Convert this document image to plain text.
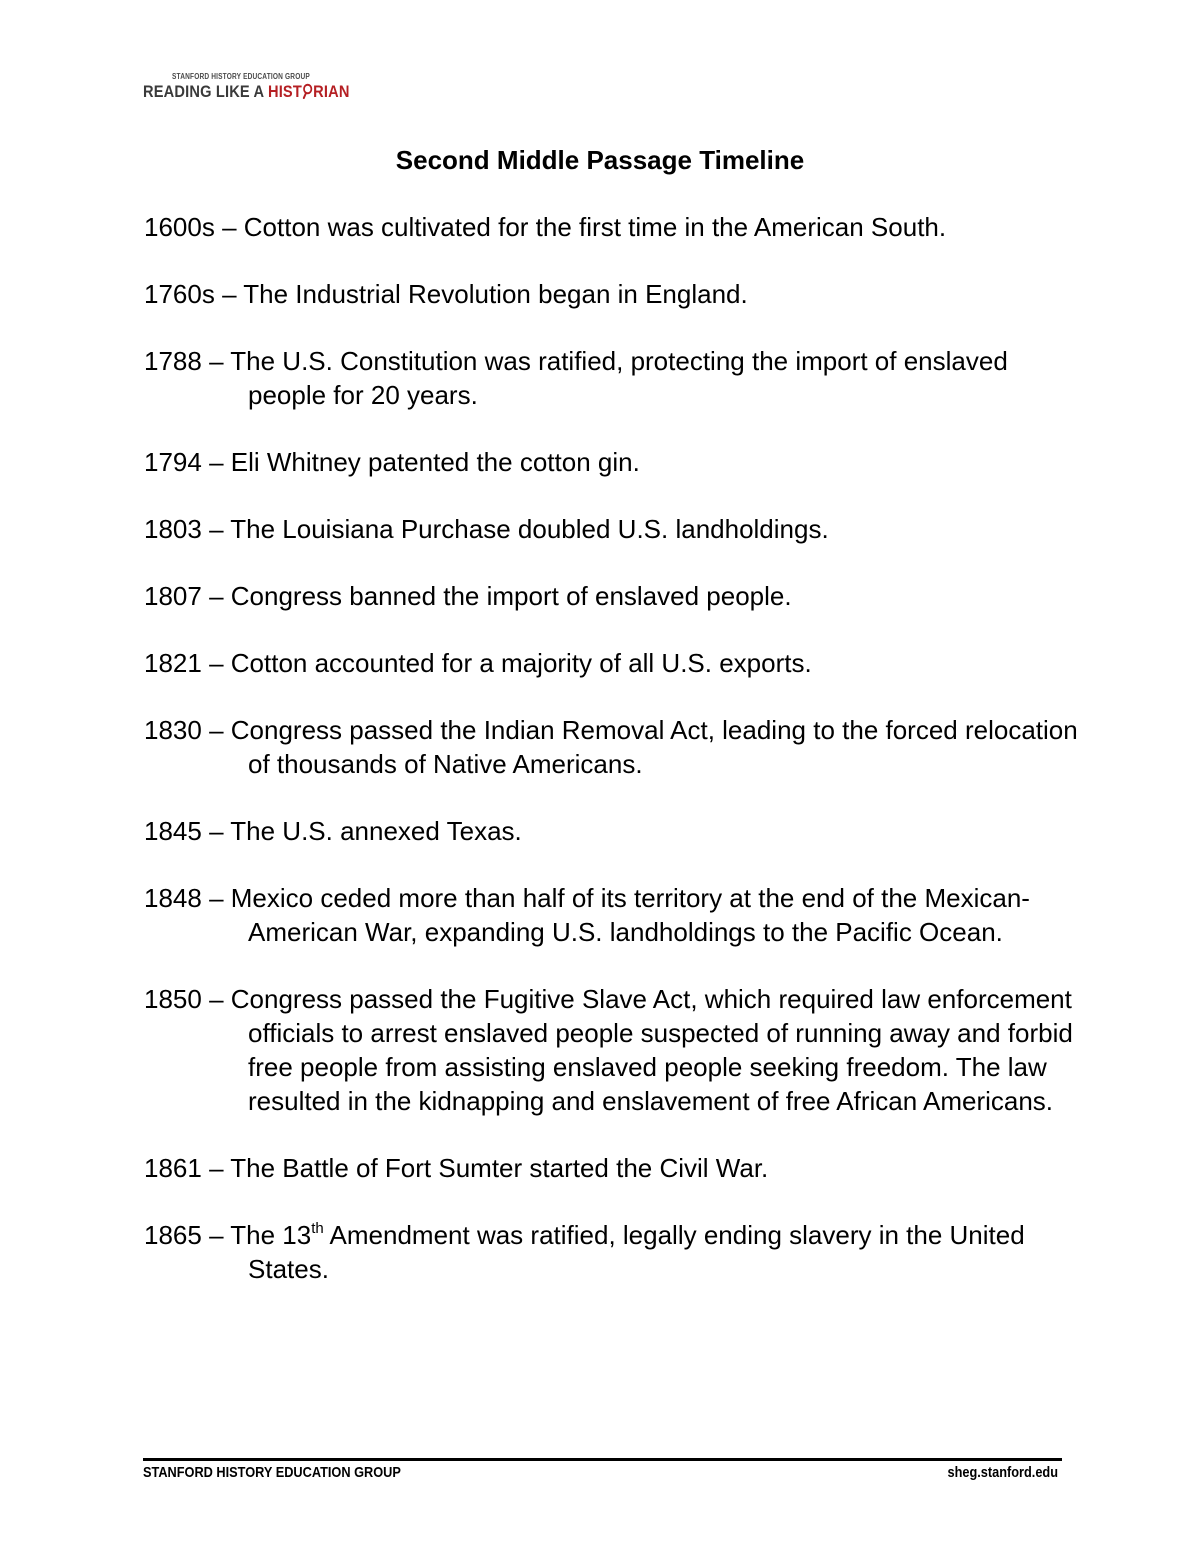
STANFORD HISTORY EDUCATION GROUP
READING LIKE A HIST RIAN
Second Middle Passage Timeline
1600s – Cotton was cultivated for the first time in the American South.
1760s – The Industrial Revolution began in England.
1788 – The U.S. Constitution was ratified, protecting the import of enslaved people for 20 years.
1794 – Eli Whitney patented the cotton gin.
1803 – The Louisiana Purchase doubled U.S. landholdings.
1807 – Congress banned the import of enslaved people.
1821 – Cotton accounted for a majority of all U.S. exports.
1830 – Congress passed the Indian Removal Act, leading to the forced relocation of thousands of Native Americans.
1845 – The U.S. annexed Texas.
1848 – Mexico ceded more than half of its territory at the end of the Mexican-American War, expanding U.S. landholdings to the Pacific Ocean.
1850 – Congress passed the Fugitive Slave Act, which required law enforcement officials to arrest enslaved people suspected of running away and forbid free people from assisting enslaved people seeking freedom. The law resulted in the kidnapping and enslavement of free African Americans.
1861 – The Battle of Fort Sumter started the Civil War.
1865 – The 13th Amendment was ratified, legally ending slavery in the United States.
STANFORD HISTORY EDUCATION GROUP	sheg.stanford.edu
